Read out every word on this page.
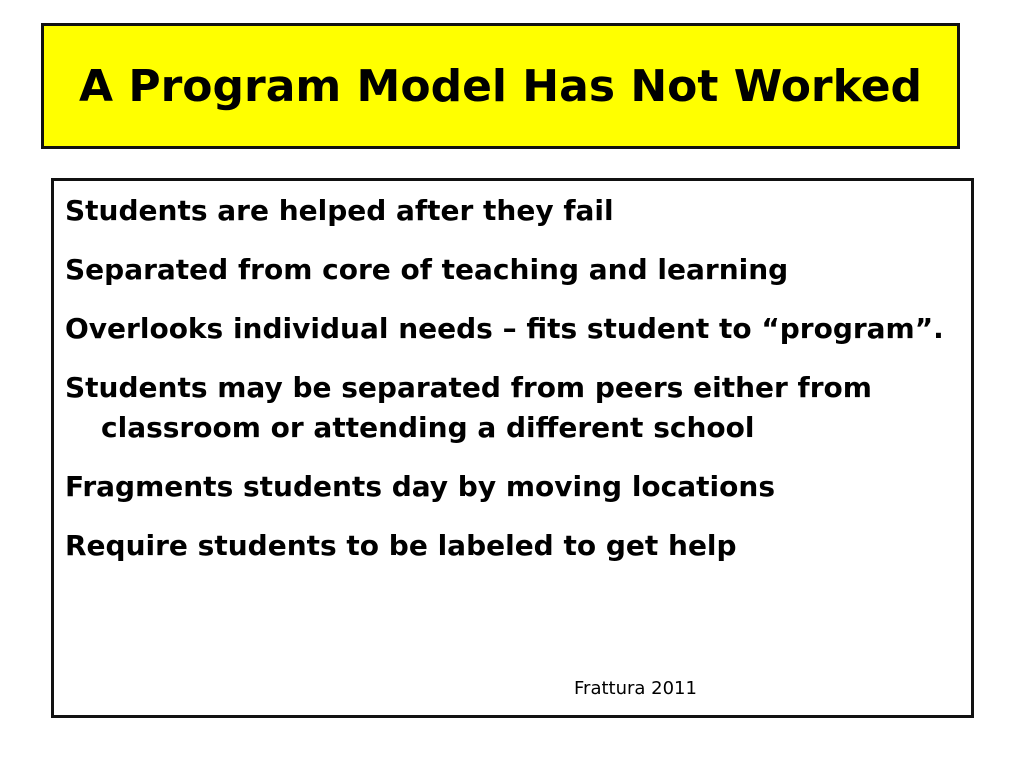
A Program Model Has Not Worked
Students are helped after they fail
Separated from core of teaching and learning
Overlooks individual needs – fits student to “program”.
Students may be separated from peers either from classroom or attending a different school
Fragments students day by moving locations
Require students to be labeled to get help
Frattura 2011
